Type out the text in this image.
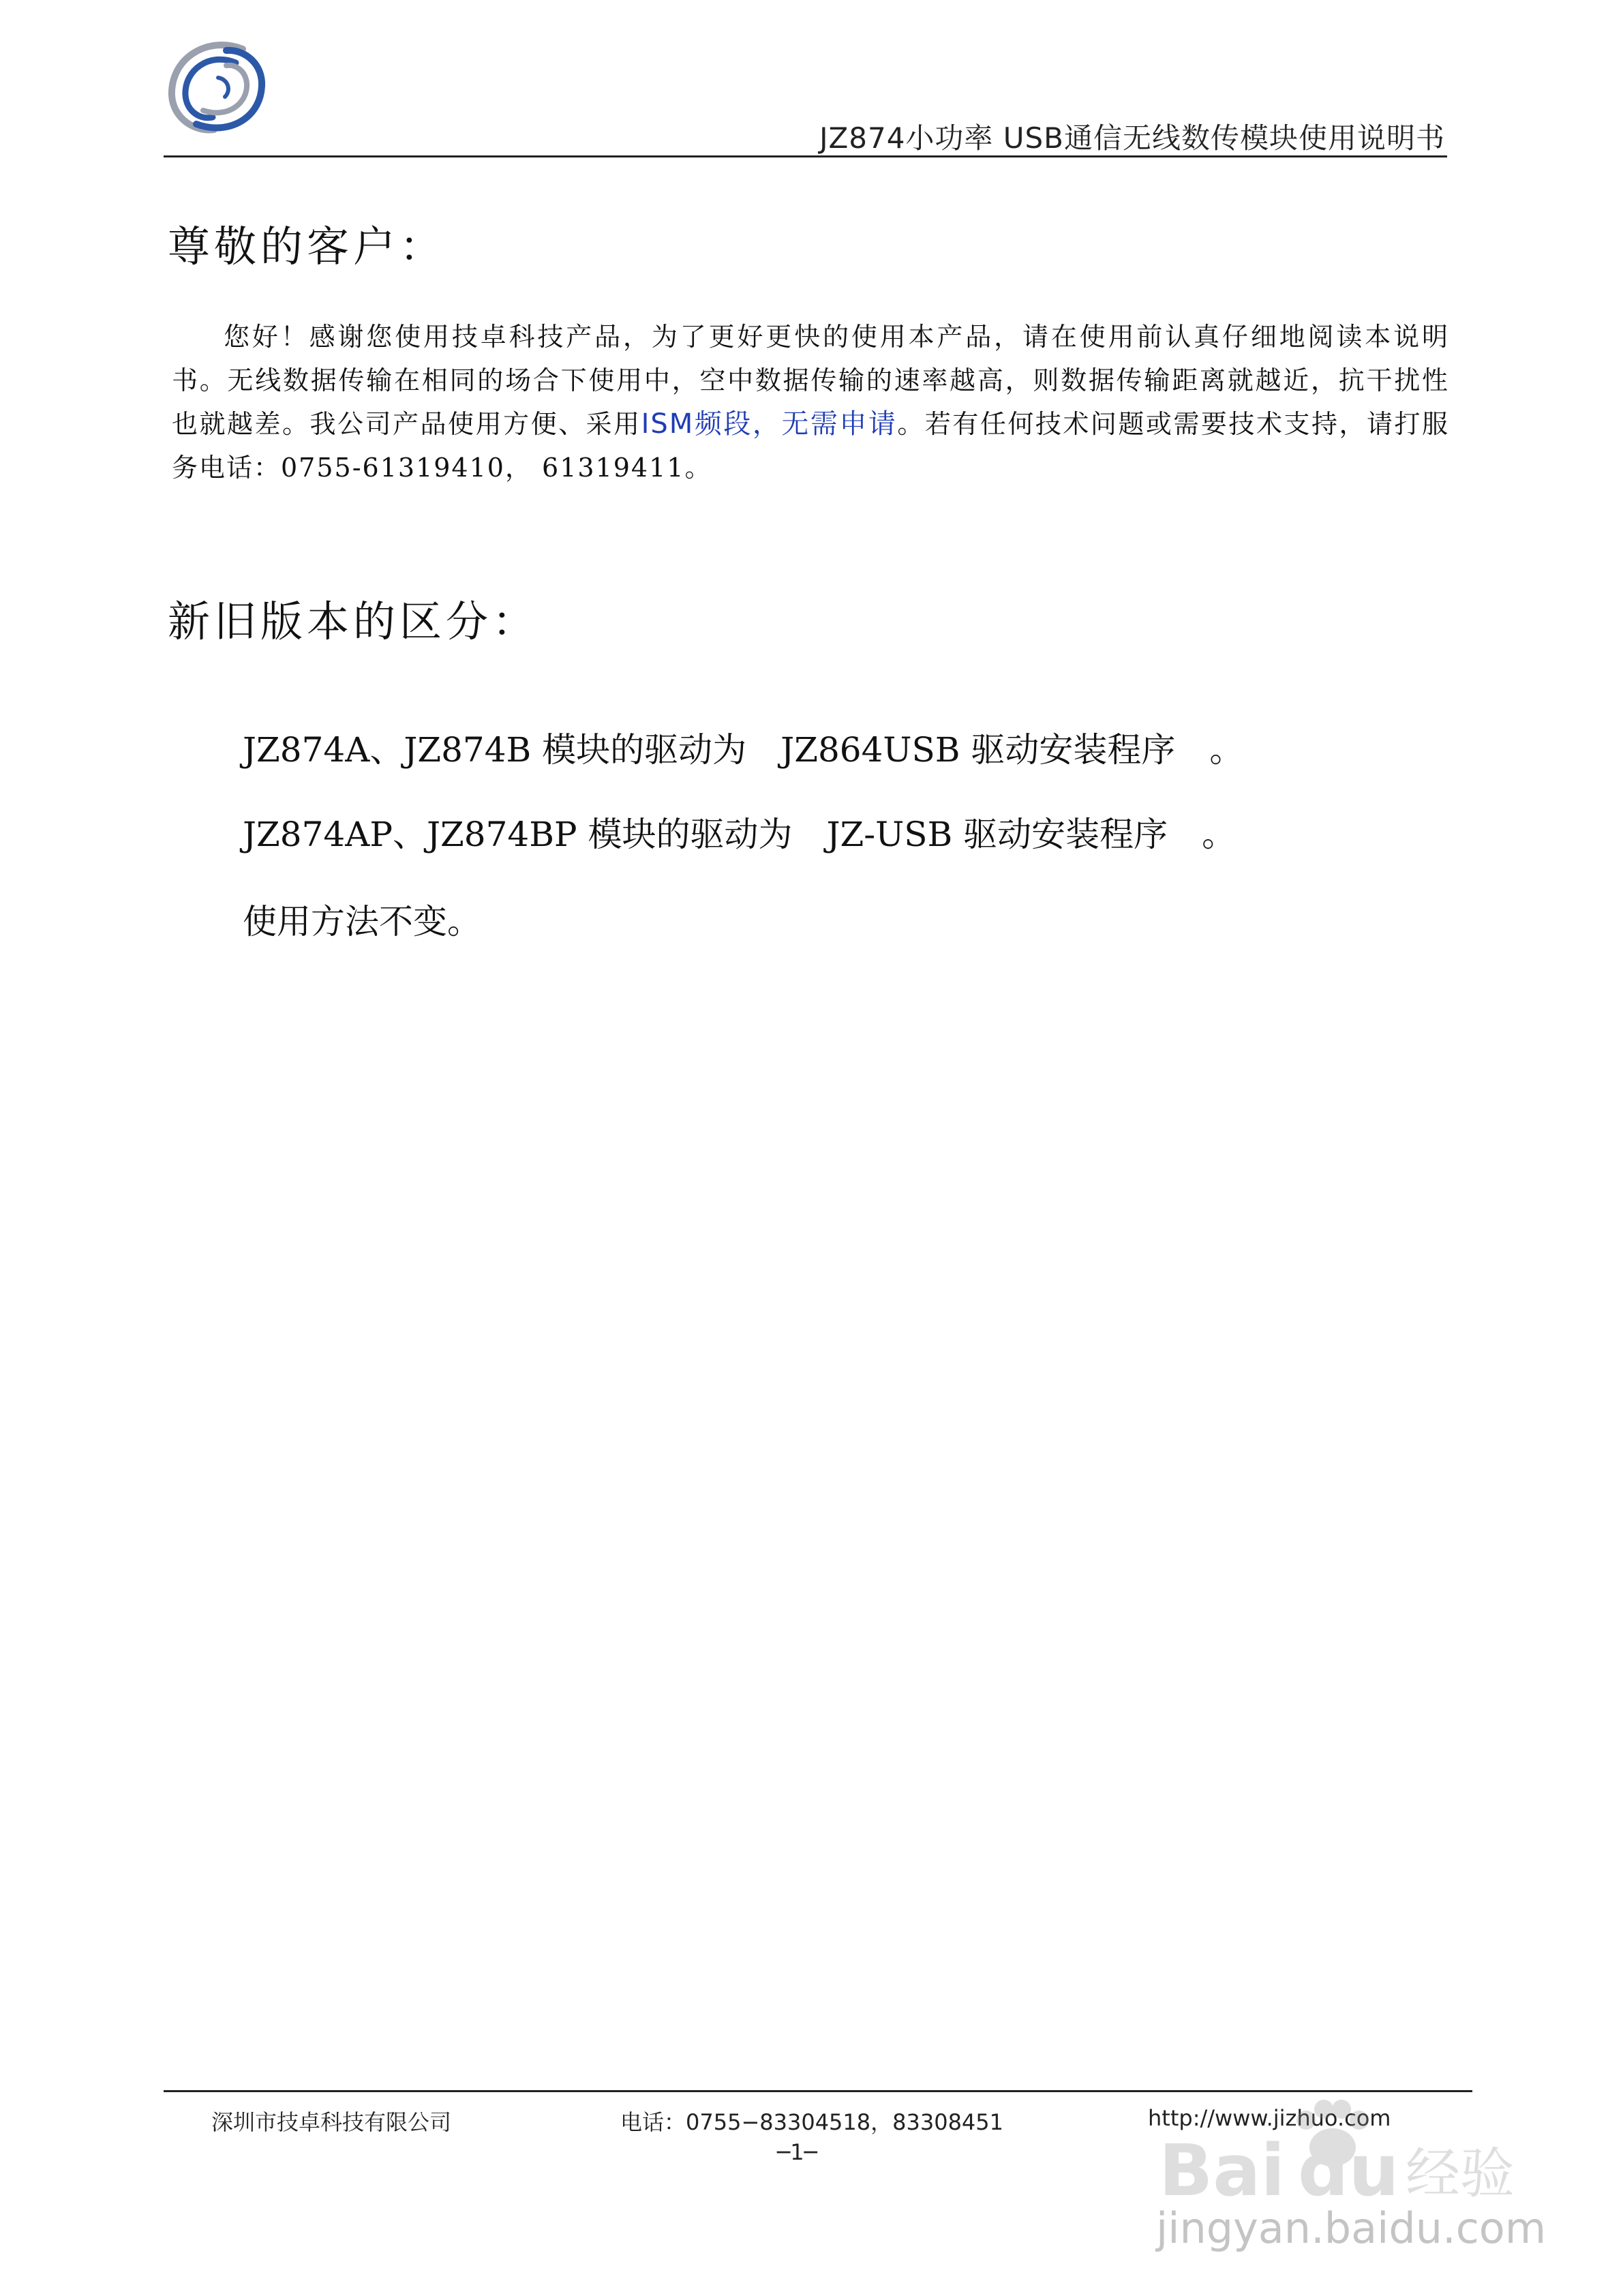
JZ874小功率 USB通信无线数传模块使用说明书
尊敬的客户：

您好！感谢您使用技卓科技产品，为了更好更快的使用本产品，请在使用前认真仔细地阅读本说明书。无线数据传输在相同的场合下使用中，空中数据传输的速率越高，则数据传输距离就越近，抗干扰性也就越差。我公司产品使用方便、采用ISM频段，无需申请。若有任何技术问题或需要技术支持，请打服务电话：0755-61319410， 61319411。

新旧版本的区分：
JZ874A、JZ874B 模块的驱动为　JZ864USB 驱动安装程序　。
JZ874AP、JZ874BP 模块的驱动为　JZ-USB 驱动安装程序　。
使用方法不变。
深圳市技卓科技有限公司	电话：0755−83304518，83308451	http://www.jizhuo.com
─1─	Bai du 经验
jingyan.baidu.com
